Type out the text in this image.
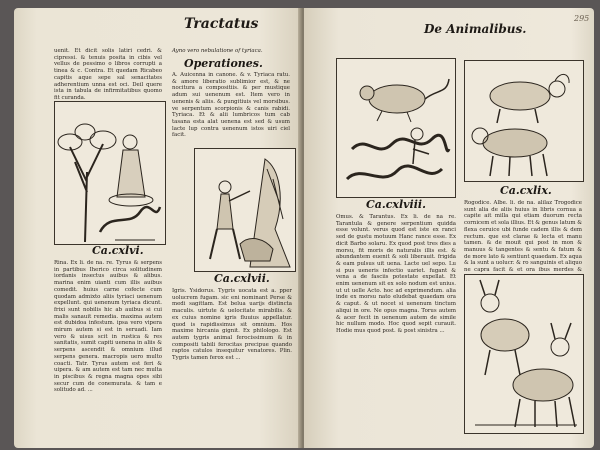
Tractatus
uenit. Et dicit solis latiri cedri. & cipressi. & tenuis posita in cibis vel vellus de pessimo o libros corrupti a tinea & c. Contra. Et quedam Ricabeo capitis aque sepe sal senacitates adherentium unna est oci. Deil quere ista in tabula de infirmitatibus quomo fit curanda.
Ca.cxlvi.
Rina. Ex li. de na. re. Tyrus & serpens in partibus Iherico circa solitudinem iordanis insectus auibus & alibus. marina enim uianti cum illis auibus comedit. huius carne cofecte cum quodam admixto aliis tyriaci uenenum expellunt. qui uenenum tyriaca dicunt. frixi sunt nobilis hic ab auibus si cui malis sanauit remedia. maxima autem est dubidoa infestum. ipsa vero vipera mirum autem si est in seruadi. Iam vero & uisus scit in rustica & res sanitatis, sumit capiti uenena in aliis & serpens ascendit & omnium illud serpens genera. macropis uero multo coacti. Tatr. Tyrus autem est feri & uipera. & am autem est tam nec multa in piscibus & regna magna opes sibi secur cum de conemurata. & tam e solitudo ad. ...
Ayno vero nebulatione of tyriaca.
Operationes.
A. Auicenna in canone. & v. Tyriaca ratu. & amore liberatio sublimior est, & ne nocitura a compositiis. & per mustique adum sui uenenum est. Item vero in uenenis & aliis. & pungitiuis vel morsibus. ve serpentum scorpionis & canis rabidi. Tyriaca. Et & alii lumbricos tum cab tasana esta alat uenena est sed & usum lacte lup contra uenenum istos uiri ciel facit.
Ca.cxlvii.
Igris. Ysidorus. Tygris uocata est a. pper uolucrem fugam. sic eni nominant Perse & medi sagittam. Est belua uarijs distincta maculis. uirtute & uelocitate mirabilis. & ex cuius nomine igris fluuius appellatur. quod is rapidissimus sit omnium. Hos maxime hircania gignit. Ex philologo. Est autem tygris animal ferocissimum & in compositi tabili ferocitas precipue quando raptos catulos insequitur venatores. Plin. Tygris tamen ferox est ...
De Animalibus.
295
Ca.cxlviii.
Omus. & Tarantus. Ex li. de na re. Tarantula & genere serpentium quidda esse volunt. verus quod est iste ex ranci sed de gustu motuum Hanc rance esse. Ex dicit Barbo solaru. Ex quod post tres dies a morsu, fit moris de naturalis illis est. & abundantem euenit & soli liberauit. frigida & eam pulsus uit uena. Lacte uel sepo. Lu si pus ueneris infectio uariet. fugant & vena a de fasciis potestate expellat. Et enim uenenum sit ex solo nodum est unius. ut ut uelle Acto. hoc ad exprimendum. alia inde ex morsu nato eludebat quaedam ora & caput. & ut nocet si uenenum tinctum aliqui in ore. Ne opus magna. Torus autem & acer fecit in uenenum autem de simile hic nullum modo. Hoc quod sepit curauit. Hodie mus quod post. & post sinistra ...
Ca.cxlix.
Rogodice. Albe. li. de na. alilaz Trogodice sunt alia de aliis huius in libris cornua a capite ait milla qui etiam duorum recta cornicem et sola illius. Et & genus latum & flexa ceruice ubi funde cadem illis & dem rectum. que est clarae & lecta et manu tamen. & de mouit qui post in mon & manuus & tangentes & sentu & fatum & de more lato & sentiunt quaedam. Ex aqua & la sunt a uolucr. & ro sanguinis et aliquo ne capra facit & et ora ibus merdes &
